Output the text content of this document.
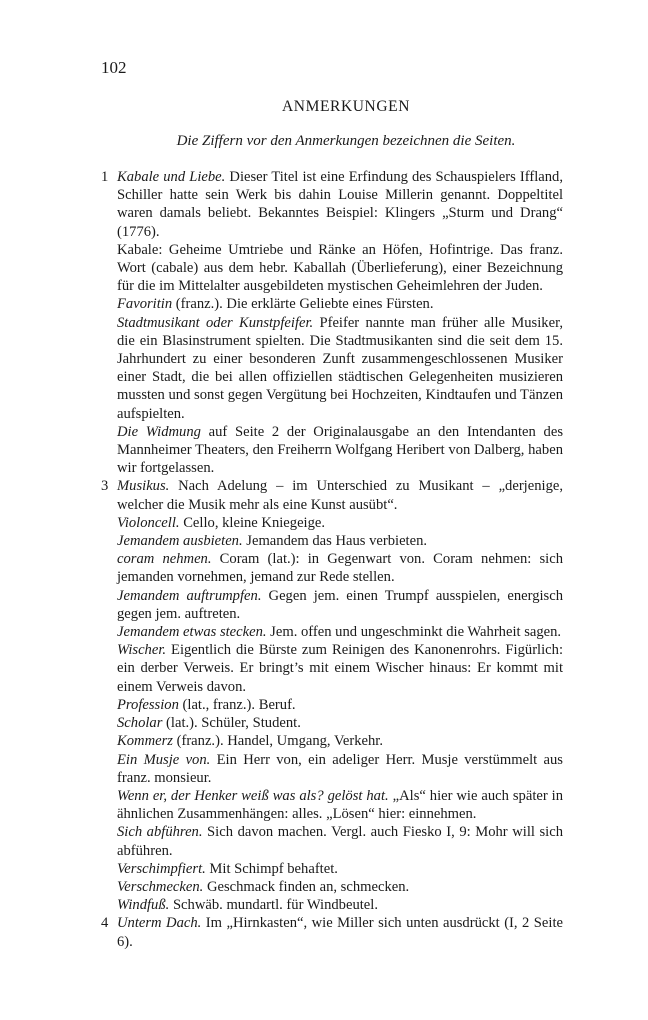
102
ANMERKUNGEN
Die Ziffern vor den Anmerkungen bezeichnen die Seiten.
1 Kabale und Liebe. Dieser Titel ist eine Erfindung des Schauspielers Iffland, Schiller hatte sein Werk bis dahin Louise Millerin genannt. Doppeltitel waren damals beliebt. Bekanntes Beispiel: Klingers „Sturm und Drang“ (1776).
Kabale: Geheime Umtriebe und Ränke an Höfen, Hofintrige. Das franz. Wort (cabale) aus dem hebr. Kaballah (Überlieferung), einer Bezeichnung für die im Mittelalter ausgebildeten mystischen Geheimlehren der Juden.
Favoritin (franz.). Die erklärte Geliebte eines Fürsten.
Stadtmusikant oder Kunstpfeifer. Pfeifer nannte man früher alle Musiker, die ein Blasinstrument spielten. Die Stadtmusikanten sind die seit dem 15. Jahrhundert zu einer besonderen Zunft zusammengeschlossenen Musiker einer Stadt, die bei allen offiziellen städtischen Gelegenheiten musizieren mussten und sonst gegen Vergütung bei Hochzeiten, Kindtaufen und Tänzen aufspielten.
Die Widmung auf Seite 2 der Originalausgabe an den Intendanten des Mannheimer Theaters, den Freiherrn Wolfgang Heribert von Dalberg, haben wir fortgelassen.
3 Musikus. Nach Adelung – im Unterschied zu Musikant – „derjenige, welcher die Musik mehr als eine Kunst ausübt“.
Violoncell. Cello, kleine Kniegeige.
Jemandem ausbieten. Jemandem das Haus verbieten.
coram nehmen. Coram (lat.): in Gegenwart von. Coram nehmen: sich jemanden vornehmen, jemand zur Rede stellen.
Jemandem auftrumpfen. Gegen jem. einen Trumpf ausspielen, energisch gegen jem. auftreten.
Jemandem etwas stecken. Jem. offen und ungeschminkt die Wahrheit sagen.
Wischer. Eigentlich die Bürste zum Reinigen des Kanonenrohrs. Figürlich: ein derber Verweis. Er bringt’s mit einem Wischer hinaus: Er kommt mit einem Verweis davon.
Profession (lat., franz.). Beruf.
Scholar (lat.). Schüler, Student.
Kommerz (franz.). Handel, Umgang, Verkehr.
Ein Musje von. Ein Herr von, ein adeliger Herr. Musje verstümmelt aus franz. monsieur.
Wenn er, der Henker weiß was als? gelöst hat. „Als“ hier wie auch später in ähnlichen Zusammenhängen: alles. „Lösen“ hier: einnehmen.
Sich abführen. Sich davon machen. Vergl. auch Fiesko I, 9: Mohr will sich abführen.
Verschimpfiert. Mit Schimpf behaftet.
Verschmecken. Geschmack finden an, schmecken.
Windfuß. Schwäb. mundartl. für Windbeutel.
4 Unterm Dach. Im „Hirnkasten“, wie Miller sich unten ausdrückt (I, 2 Seite 6).
